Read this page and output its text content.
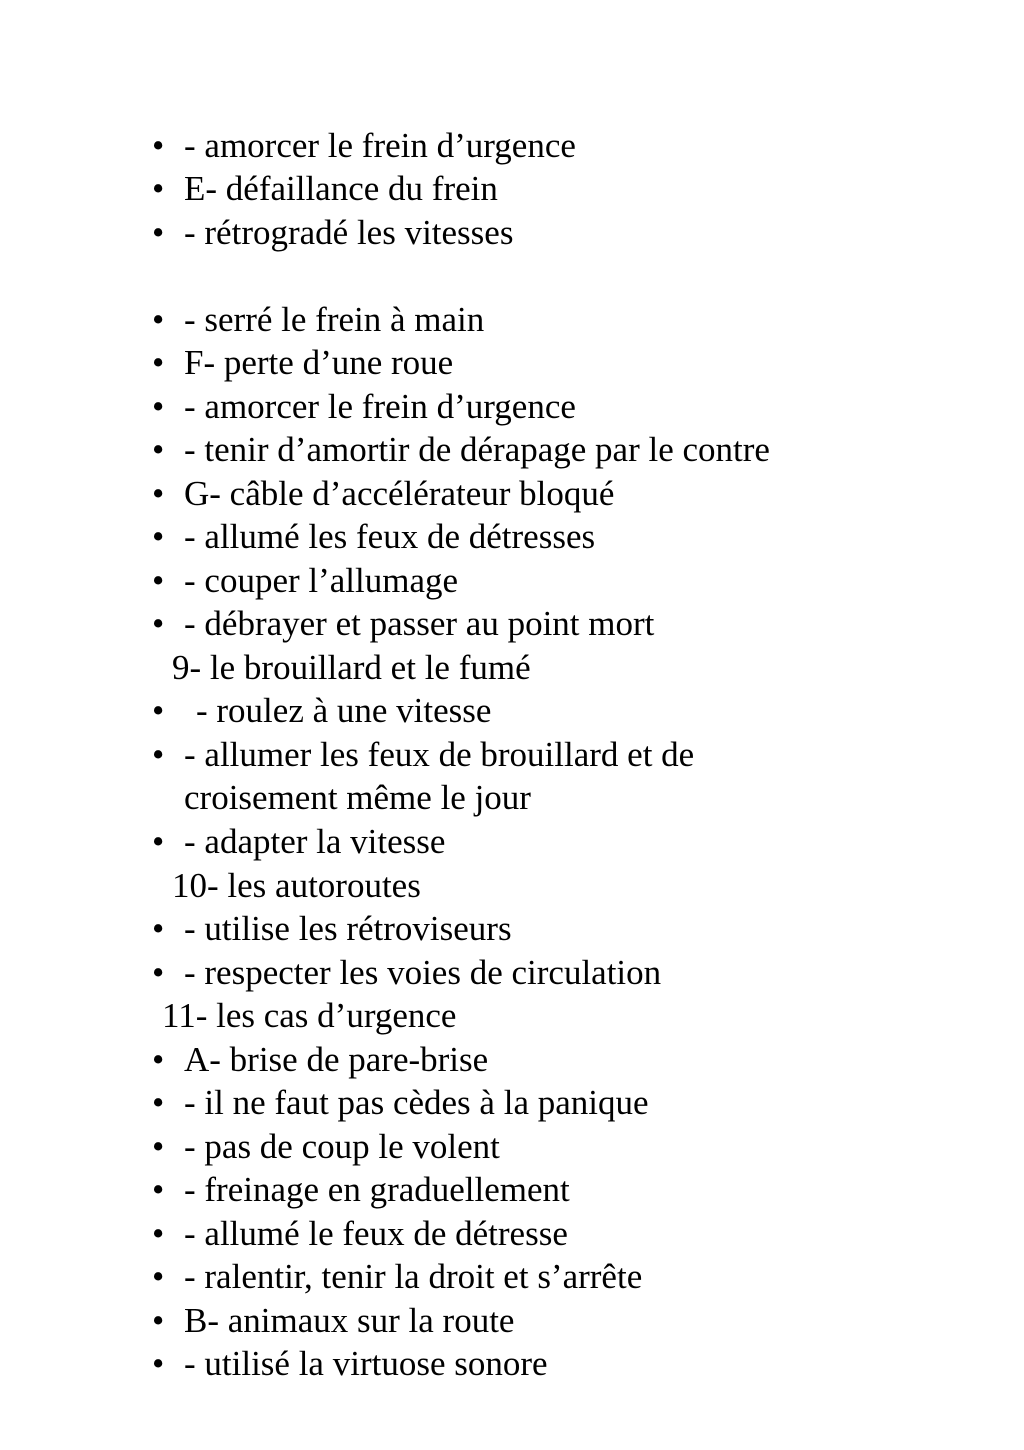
• - amorcer le frein d’urgence
• E- défaillance du frein
• - rétrogradé les vitesses
• - serré le frein à main
• F- perte d’une roue
• - amorcer le frein d’urgence
• - tenir d’amortir de dérapage par le contre
• G- câble d’accélérateur bloqué
• - allumé les feux de détresses
• - couper l’allumage
• - débrayer et passer au point mort
9- le brouillard et le fumé
• - roulez à une vitesse
• - allumer les feux de brouillard et de
croisement même le jour
• - adapter la vitesse
10- les autoroutes
• - utilise les rétroviseurs
• - respecter les voies de circulation
11- les cas d’urgence
• A- brise de pare-brise
• - il ne faut pas cèdes à la panique
• - pas de coup le volent
• - freinage en graduellement
• - allumé le feux de détresse
• - ralentir, tenir la droit et s’arrête
• B- animaux sur la route
• - utilisé la virtuose sonore
